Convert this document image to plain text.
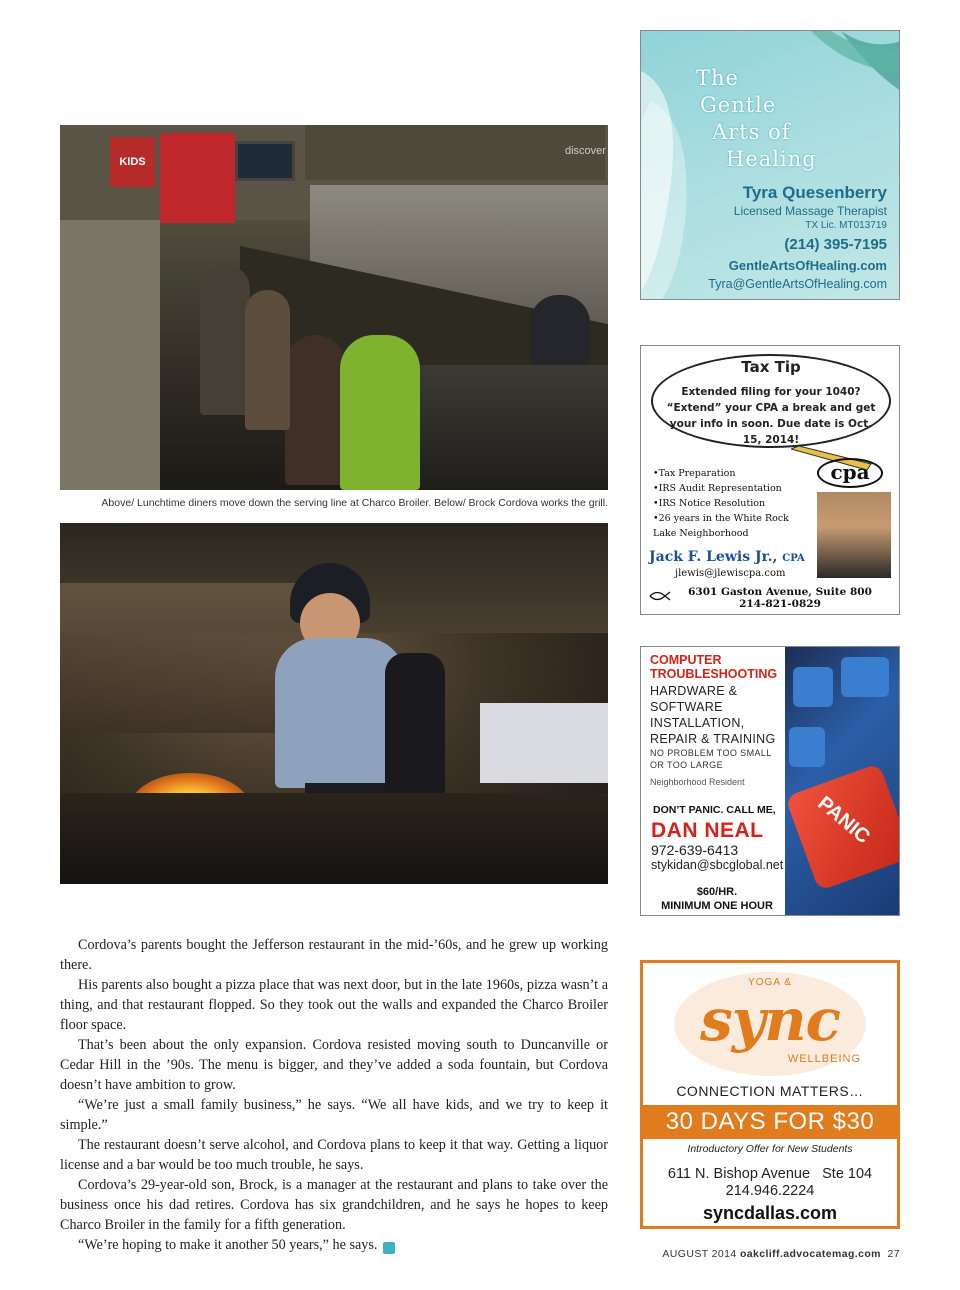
KIDS
discover
Above/ Lunchtime diners move down the serving line at Charco Broiler. Below/ Brock Cordova works the grill.

Cordova’s parents bought the Jefferson restaurant in the mid-’60s, and he grew up working there.

His parents also bought a pizza place that was next door, but in the late 1960s, pizza wasn’t a thing, and that restaurant flopped. So they took out the walls and expanded the Charco Broiler floor space.

That’s been about the only expansion. Cordova resisted moving south to Duncanville or Cedar Hill in the ’90s. The menu is bigger, and they’ve added a soda fountain, but Cordova doesn’t have ambition to grow.

“We’re just a small family business,” he says. “We all have kids, and we try to keep it simple.”

The restaurant doesn’t serve alcohol, and Cordova plans to keep it that way. Getting a liquor license and a bar would be too much trouble, he says.

Cordova’s 29-year-old son, Brock, is a manager at the restaurant and plans to take over the business once his dad retires. Cordova has six grandchildren, and he says he hopes to keep Charco Broiler in the family for a fifth generation.

“We’re hoping to make it another 50 years,” he says. a

The
Gentle
Arts of
Healing
Tyra Quesenberry
Licensed Massage Therapist
TX Lic. MT013719
(214) 395-7195
GentleArtsOfHealing.com
Tyra@GentleArtsOfHealing.com
Tax Tip
Extended filing for your 1040? “Extend” your CPA a break and get your info in soon. Due date is Oct. 15, 2014!
• Tax Preparation
• IRS Audit Representation
• IRS Notice Resolution
• 26 years in the White Rock Lake Neighborhood
cpa
Jack F. Lewis Jr., CPA
jlewis@jlewiscpa.com
6301 Gaston Avenue, Suite 800
214-821-0829
PANIC
COMPUTER
TROUBLESHOOTING
HARDWARE &
SOFTWARE
INSTALLATION,
REPAIR & TRAINING
NO PROBLEM TOO SMALL
OR TOO LARGE
Neighborhood Resident
DON’T PANIC. CALL ME,
DAN NEAL
972-639-6413
stykidan@sbcglobal.net
$60/HR.
MINIMUM ONE HOUR
YOGA &
sync
WELLBEING
CONNECTION MATTERS…
30 DAYS FOR $30
Introductory Offer for New Students
611 N. Bishop Avenue   Ste 104
214.946.2224
syncdallas.com
AUGUST 2014 oakcliff.advocatemag.com 27
